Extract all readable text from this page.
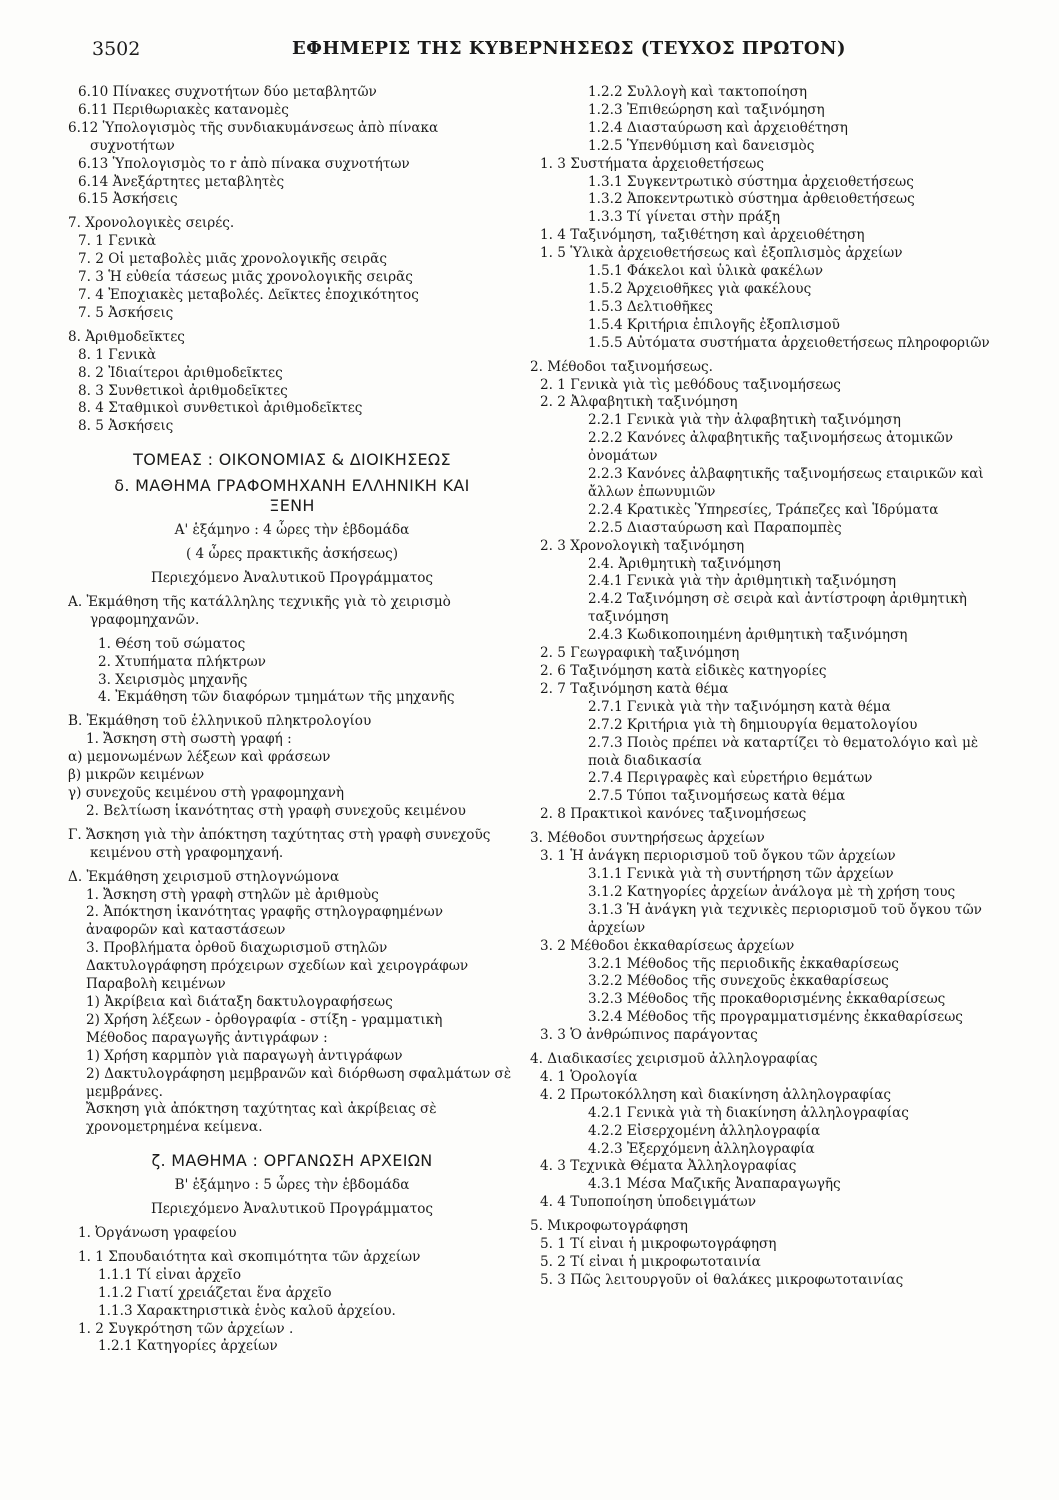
3502	ΕΦΗΜΕΡΙΣ ΤΗΣ ΚΥΒΕΡΝΗΣΕΩΣ (ΤΕΥΧΟΣ ΠΡΩΤΟΝ)
6.10 Πίνακες συχνοτήτων δύο μεταβλητῶν
6.11 Περιθωριακὲς κατανομὲς
6.12 Ὑπολογισμὸς τῆς συνδιακυμάνσεως ἀπὸ πίνακα συχνοτήτων
6.13 Ὑπολογισμὸς το r ἀπὸ πίνακα συχνοτήτων
6.14 Ἀνεξάρτητες μεταβλητὲς
6.15 Ἀσκήσεις
7. Χρονολογικὲς σειρές.
7. 1 Γενικὰ
7. 2 Οἱ μεταβολὲς μιᾶς χρονολογικῆς σειρᾶς
7. 3 Ἡ εὐθεία τάσεως μιᾶς χρονολογικῆς σειρᾶς
7. 4 Ἐποχιακὲς μεταβολές. Δεῖκτες ἐποχικότητος
7. 5 Ἀσκήσεις
8. Ἀριθμοδεῖκτες
8. 1 Γενικὰ
8. 2 Ἰδιαίτεροι ἀριθμοδεῖκτες
8. 3 Συνθετικοὶ ἀριθμοδεῖκτες
8. 4 Σταθμικοὶ συνθετικοὶ ἀριθμοδεῖκτες
8. 5 Ἀσκήσεις
ΤΟΜΕΑΣ : ΟΙΚΟΝΟΜΙΑΣ & ΔΙΟΙΚΗΣΕΩΣ
δ. ΜΑΘΗΜΑ ΓΡΑΦΟΜΗΧΑΝΗ ΕΛΛΗΝΙΚΗ ΚΑΙ ΞΕΝΗ
Α' ἑξάμηνο : 4 ὧρες τὴν ἑβδομάδα
( 4 ὧρες πρακτικῆς ἀσκήσεως)
Περιεχόμενο Ἀναλυτικοῦ Προγράμματος
Α. Ἐκμάθηση τῆς κατάλληλης τεχνικῆς γιὰ τὸ χειρισμὸ γραφομηχανῶν.
1. Θέση τοῦ σώματος
2. Χτυπήματα πλήκτρων
3. Χειρισμὸς μηχανῆς
4. Ἐκμάθηση τῶν διαφόρων τμημάτων τῆς μηχανῆς
Β. Ἐκμάθηση τοῦ ἑλληνικοῦ πληκτρολογίου
1. Ἄσκηση στὴ σωστὴ γραφή :
α) μεμονωμένων λέξεων καὶ φράσεων
β) μικρῶν κειμένων
γ) συνεχοῦς κειμένου στὴ γραφομηχανὴ
2. Βελτίωση ἱκανότητας στὴ γραφὴ συνεχοῦς κειμένου
Γ. Ἄσκηση γιὰ τὴν ἀπόκτηση ταχύτητας στὴ γραφὴ συνεχοῦς κειμένου στὴ γραφομηχανή.
Δ. Ἐκμάθηση χειρισμοῦ στηλογνώμονα
1. Ἄσκηση στὴ γραφὴ στηλῶν μὲ ἀριθμοὺς
2. Ἀπόκτηση ἱκανότητας γραφῆς στηλογραφημένων ἀναφορῶν καὶ καταστάσεων
3. Προβλήματα ὀρθοῦ διαχωρισμοῦ στηλῶν
Δακτυλογράφηση πρόχειρων σχεδίων καὶ χειρογράφων
Παραβολὴ κειμένων
1) Ἀκρίβεια καὶ διάταξη δακτυλογραφήσεως
2) Χρήση λέξεων - ὀρθογραφία - στίξη - γραμματικὴ
Μέθοδος παραγωγῆς ἀντιγράφων :
1) Χρήση καρμπὸν γιὰ παραγωγὴ ἀντιγράφων
2) Δακτυλογράφηση μεμβρανῶν καὶ διόρθωση σφαλμάτων σὲ μεμβράνες.
Ἄσκηση γιὰ ἀπόκτηση ταχύτητας καὶ ἀκρίβειας σὲ χρονομετρημένα κείμενα.
ζ. ΜΑΘΗΜΑ : ΟΡΓΑΝΩΣΗ ΑΡΧΕΙΩΝ
Β' ἑξάμηνο : 5 ὧρες τὴν ἑβδομάδα
Περιεχόμενο Ἀναλυτικοῦ Προγράμματος
1. Ὀργάνωση γραφείου
1. 1 Σπουδαιότητα καὶ σκοπιμότητα τῶν ἀρχείων
1.1.1 Τί εἶναι ἀρχεῖο
1.1.2 Γιατί χρειάζεται ἕνα ἀρχεῖο
1.1.3 Χαρακτηριστικὰ ἑνὸς καλοῦ ἀρχείου.
1. 2 Συγκρότηση τῶν ἀρχείων .
1.2.1 Κατηγορίες ἀρχείων
1.2.2 Συλλογὴ καὶ τακτοποίηση
1.2.3 Ἐπιθεώρηση καὶ ταξινόμηση
1.2.4 Διασταύρωση καὶ ἀρχειοθέτηση
1.2.5 Ὑπενθύμιση καὶ δανεισμὸς
1. 3 Συστήματα ἀρχειοθετήσεως
1.3.1 Συγκεντρωτικὸ σύστημα ἀρχειοθετήσεως
1.3.2 Ἀποκεντρωτικὸ σύστημα ἀρθειοθετήσεως
1.3.3 Τί γίνεται στὴν πράξη
1. 4 Ταξινόμηση, ταξιθέτηση καὶ ἀρχειοθέτηση
1. 5 Ὑλικὰ ἀρχειοθετήσεως καὶ ἐξοπλισμὸς ἀρχείων
1.5.1 Φάκελοι καὶ ὑλικὰ φακέλων
1.5.2 Ἀρχειοθῆκες γιὰ φακέλους
1.5.3 Δελτιοθῆκες
1.5.4 Κριτήρια ἐπιλογῆς ἐξοπλισμοῦ
1.5.5 Αὐτόματα συστήματα ἀρχειοθετήσεως πληροφοριῶν
2. Μέθοδοι ταξινομήσεως.
2. 1 Γενικὰ γιὰ τὶς μεθόδους ταξινομήσεως
2. 2 Ἀλφαβητικὴ ταξινόμηση
2.2.1 Γενικὰ γιὰ τὴν ἀλφαβητικὴ ταξινόμηση
2.2.2 Κανόνες ἀλφαβητικῆς ταξινομήσεως ἀτομικῶν ὀνομάτων
2.2.3 Κανόνες ἀλβαφητικῆς ταξινομήσεως εταιρικῶν καὶ ἄλλων ἐπωνυμιῶν
2.2.4 Κρατικὲς Ὑπηρεσίες, Τράπεζες καὶ Ἱδρύματα
2.2.5 Διασταύρωση καὶ Παραπομπὲς
2. 3 Χρονολογικὴ ταξινόμηση
2.4. Ἀριθμητικὴ ταξινόμηση
2.4.1 Γενικὰ γιὰ τὴν ἀριθμητικὴ ταξινόμηση
2.4.2 Ταξινόμηση σὲ σειρὰ καὶ ἀντίστροφη ἀριθμητικὴ ταξινόμηση
2.4.3 Κωδικοποιημένη ἀριθμητικὴ ταξινόμηση
2. 5 Γεωγραφικὴ ταξινόμηση
2. 6 Ταξινόμηση κατὰ εἰδικὲς κατηγορίες
2. 7 Ταξινόμηση κατὰ θέμα
2.7.1 Γενικὰ γιὰ τὴν ταξινόμηση κατὰ θέμα
2.7.2 Κριτήρια γιὰ τὴ δημιουργία θεματολογίου
2.7.3 Ποιὸς πρέπει νὰ καταρτίζει τὸ θεματολόγιο καὶ μὲ ποιὰ διαδικασία
2.7.4 Περιγραφὲς καὶ εὑρετήριο θεμάτων
2.7.5 Τύποι ταξινομήσεως κατὰ θέμα
2. 8 Πρακτικοὶ κανόνες ταξινομήσεως
3. Μέθοδοι συντηρήσεως ἀρχείων
3. 1 Ἡ ἀνάγκη περιορισμοῦ τοῦ ὄγκου τῶν ἀρχείων
3.1.1 Γενικὰ γιὰ τὴ συντήρηση τῶν ἀρχείων
3.1.2 Κατηγορίες ἀρχείων ἀνάλογα μὲ τὴ χρήση τους
3.1.3 Ἡ ἀνάγκη γιὰ τεχνικὲς περιορισμοῦ τοῦ ὄγκου τῶν ἀρχείων
3. 2 Μέθοδοι ἐκκαθαρίσεως ἀρχείων
3.2.1 Μέθοδος τῆς περιοδικῆς ἐκκαθαρίσεως
3.2.2 Μέθοδος τῆς συνεχοῦς ἐκκαθαρίσεως
3.2.3 Μέθοδος τῆς προκαθορισμένης ἐκκαθαρίσεως
3.2.4 Μέθοδος τῆς προγραμματισμένης ἐκκαθαρίσεως
3. 3 Ὁ ἀνθρώπινος παράγοντας
4. Διαδικασίες χειρισμοῦ ἀλληλογραφίας
4. 1 Ὁρολογία
4. 2 Πρωτοκόλληση καὶ διακίνηση ἀλληλογραφίας
4.2.1 Γενικὰ γιὰ τὴ διακίνηση ἀλληλογραφίας
4.2.2 Εἰσερχομένη ἀλληλογραφία
4.2.3 Ἐξερχόμενη ἀλληλογραφία
4. 3 Τεχνικὰ Θέματα Ἀλληλογραφίας
4.3.1 Μέσα Μαζικῆς Ἀναπαραγωγῆς
4. 4 Τυποποίηση ὑποδειγμάτων
5. Μικροφωτογράφηση
5. 1 Τί εἶναι ἡ μικροφωτογράφηση
5. 2 Τί εἶναι ἡ μικροφωτοταινία
5. 3 Πῶς λειτουργοῦν οἱ θαλάκες μικροφωτοταινίας
